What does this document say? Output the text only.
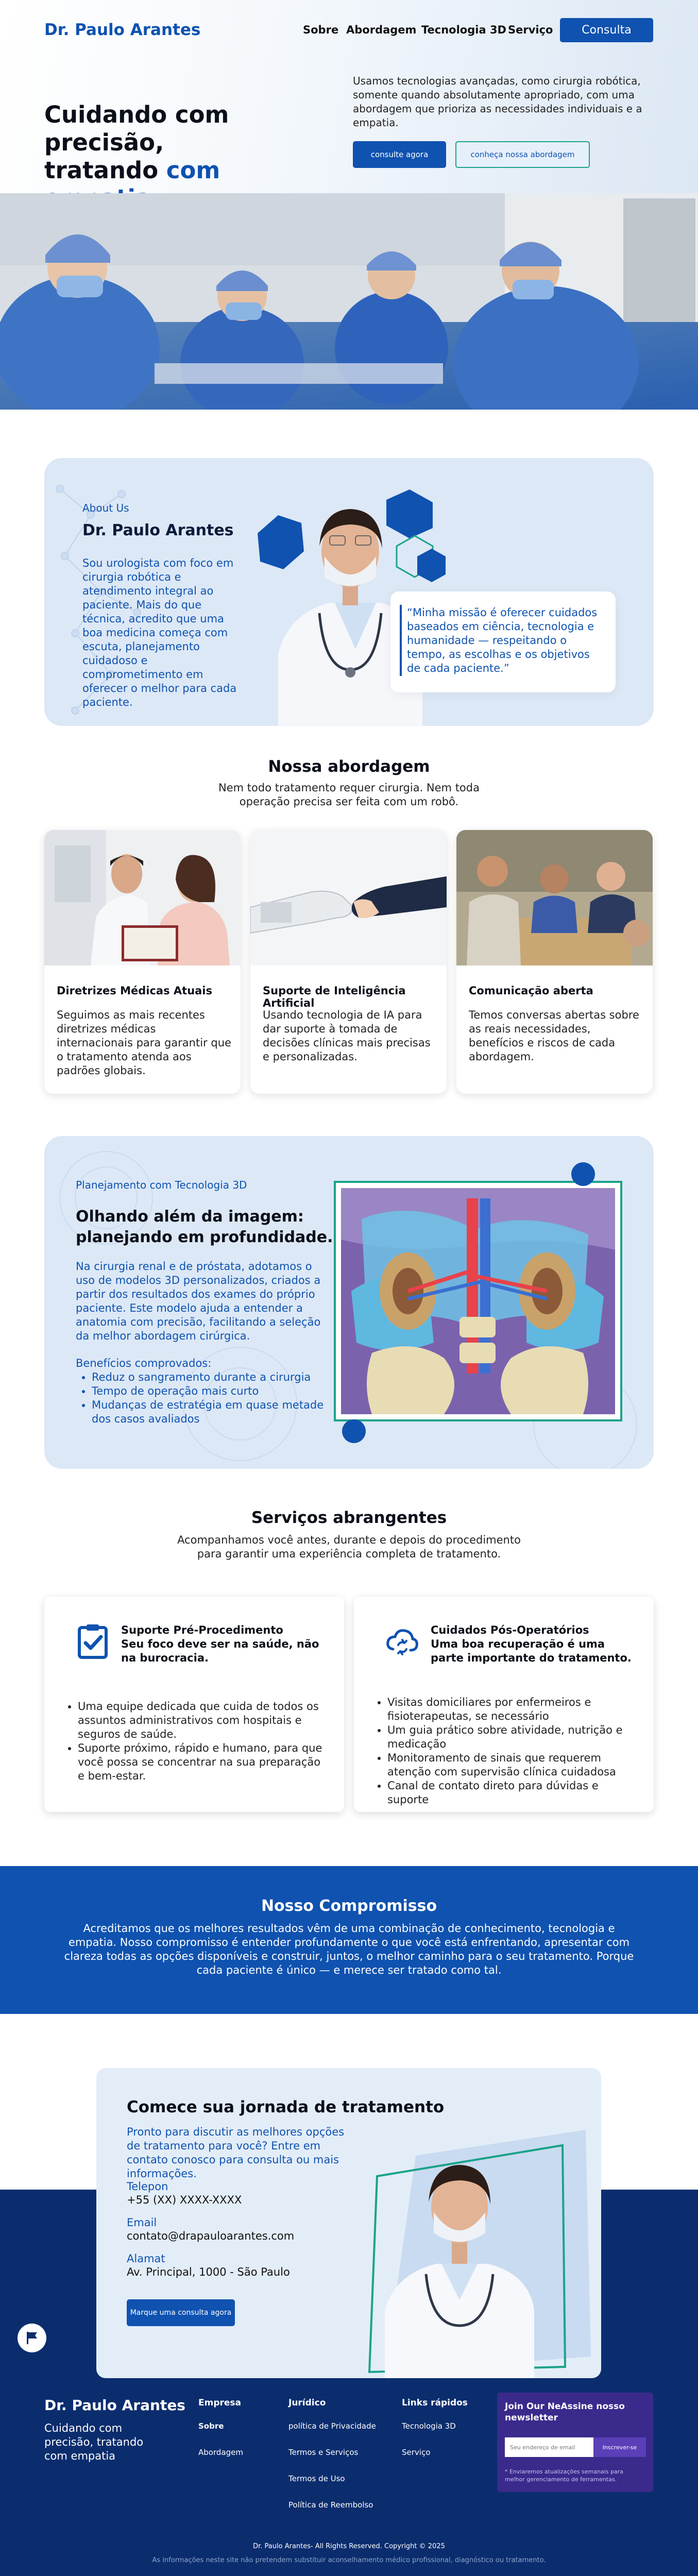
Dr. Paulo Arantes	Sobre Abordagem Tecnologia 3D Serviço	Consulta
Cuidando com precisão,
tratando com
Usamos tecnologias avançadas, como cirurgia robótica, somente quando absolutamente apropriado, com uma abordagem que prioriza as necessidades individuais e a empatia.
consulte agora	conheça nossa abordagem
About Us
Dr. Paulo Arantes
Sou urologista com foco em cirurgia robótica e atendimento integral ao paciente. Mais do que técnica, acredito que uma boa medicina começa com escuta, planejamento cuidadoso e comprometimento em oferecer o melhor para cada paciente.
“Minha missão é oferecer cuidados baseados em ciência, tecnologia e humanidade — respeitando o tempo, as escolhas e os objetivos de cada paciente.”
Nossa abordagem
Nem todo tratamento requer cirurgia. Nem toda
operação precisa ser feita com um robô.
Diretrizes Médicas Atuais
Seguimos as mais recentes diretrizes médicas internacionais para garantir que o tratamento atenda aos padrões globais.
Suporte de Inteligência Artificial
Usando tecnologia de IA para dar suporte à tomada de decisões clínicas mais precisas e personalizadas.
Comunicação aberta
Temos conversas abertas sobre as reais necessidades, benefícios e riscos de cada abordagem.
Planejamento com Tecnologia 3D
Olhando além da imagem:
planejando em profundidade.
Na cirurgia renal e de próstata, adotamos o uso de modelos 3D personalizados, criados a partir dos resultados dos exames do próprio paciente. Este modelo ajuda a entender a anatomia com precisão, facilitando a seleção da melhor abordagem cirúrgica.
Benefícios comprovados:
• Reduz o sangramento durante a cirurgia
• Tempo de operação mais curto
• Mudanças de estratégia em quase metade dos casos avaliados
Serviços abrangentes
Acompanhamos você antes, durante e depois do procedimento
para garantir uma experiência completa de tratamento.
Suporte Pré-Procedimento
Seu foco deve ser na saúde, não na burocracia.
• Uma equipe dedicada que cuida de todos os assuntos administrativos com hospitais e seguros de saúde.
• Suporte próximo, rápido e humano, para que você possa se concentrar na sua preparação e bem-estar.
Cuidados Pós-Operatórios
Uma boa recuperação é uma parte importante do tratamento.
• Visitas domiciliares por enfermeiros e fisioterapeutas, se necessário
• Um guia prático sobre atividade, nutrição e medicação
• Monitoramento de sinais que requerem atenção com supervisão clínica cuidadosa
• Canal de contato direto para dúvidas e suporte
Nosso Compromisso
Acreditamos que os melhores resultados vêm de uma combinação de conhecimento, tecnologia e empatia. Nosso compromisso é entender profundamente o que você está enfrentando, apresentar com clareza todas as opções disponíveis e construir, juntos, o melhor caminho para o seu tratamento. Porque cada paciente é único — e merece ser tratado como tal.
Comece sua jornada de tratamento
Pronto para discutir as melhores opções de tratamento para você? Entre em contato conosco para consulta ou mais informações.
Telepon
+55 (XX) XXXX-XXXX
Email
contato@drapauloarantes.com
Alamat
Av. Principal, 1000 - São Paulo
Marque uma consulta agora
Dr. Paulo Arantes
Cuidando com precisão, tratando com empatia
Empresa
Sobre
Abordagem
Jurídico
política de Privacidade
Termos e Serviços
Termos de Uso
Política de Reembolso
Links rápidos
Tecnologia 3D
Serviço
Join Our NeAssine nosso newsletter
Seu endereço de email
Inscrever-se
* Enviaremos atualizações semanais para melhor gerenciamento de ferramentas.
Dr. Paulo Arantes- All Rights Reserved. Copyright © 2025
As informações neste site não pretendem substituir aconselhamento médico profissional, diagnóstico ou tratamento.
